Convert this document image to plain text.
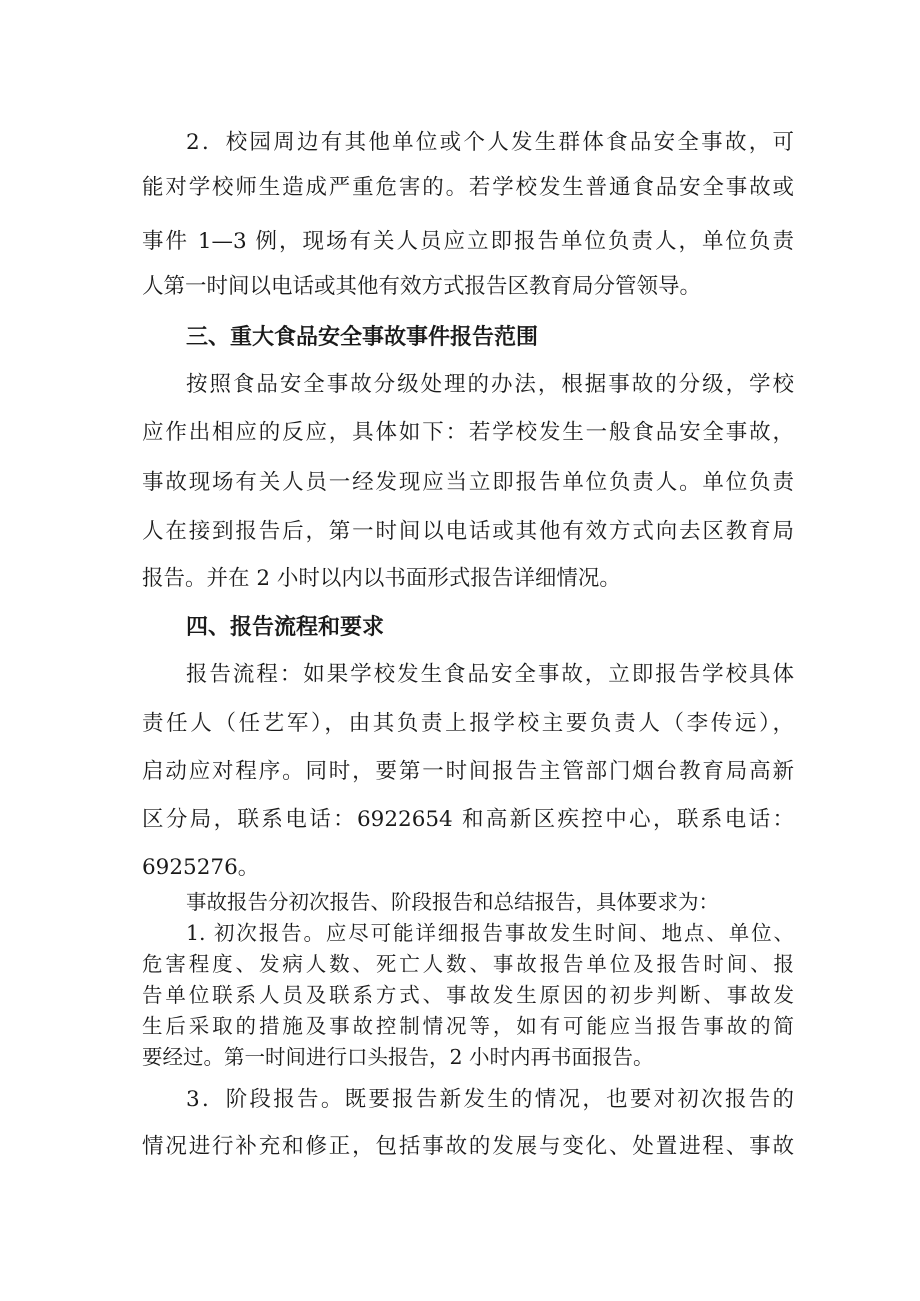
2．校园周边有其他单位或个人发生群体食品安全事故，可
能对学校师生造成严重危害的。若学校发生普通食品安全事故或
事件 1—3 例，现场有关人员应立即报告单位负责人，单位负责
人第一时间以电话或其他有效方式报告区教育局分管领导。
三、重大食品安全事故事件报告范围
按照食品安全事故分级处理的办法，根据事故的分级，学校
应作出相应的反应，具体如下：若学校发生一般食品安全事故，
事故现场有关人员一经发现应当立即报告单位负责人。单位负责
人在接到报告后，第一时间以电话或其他有效方式向去区教育局
报告。并在 2 小时以内以书面形式报告详细情况。
四、报告流程和要求
报告流程：如果学校发生食品安全事故，立即报告学校具体
责任人（任艺军），由其负责上报学校主要负责人（李传远），
启动应对程序。同时，要第一时间报告主管部门烟台教育局高新
区分局，联系电话：6922654 和高新区疾控中心，联系电话：
6925276。
事故报告分初次报告、阶段报告和总结报告，具体要求为：
1. 初次报告。应尽可能详细报告事故发生时间、地点、单位、
危害程度、发病人数、死亡人数、事故报告单位及报告时间、报
告单位联系人员及联系方式、事故发生原因的初步判断、事故发
生后采取的措施及事故控制情况等，如有可能应当报告事故的简
要经过。第一时间进行口头报告，2 小时内再书面报告。
3．阶段报告。既要报告新发生的情况，也要对初次报告的
情况进行补充和修正，包括事故的发展与变化、处置进程、事故
